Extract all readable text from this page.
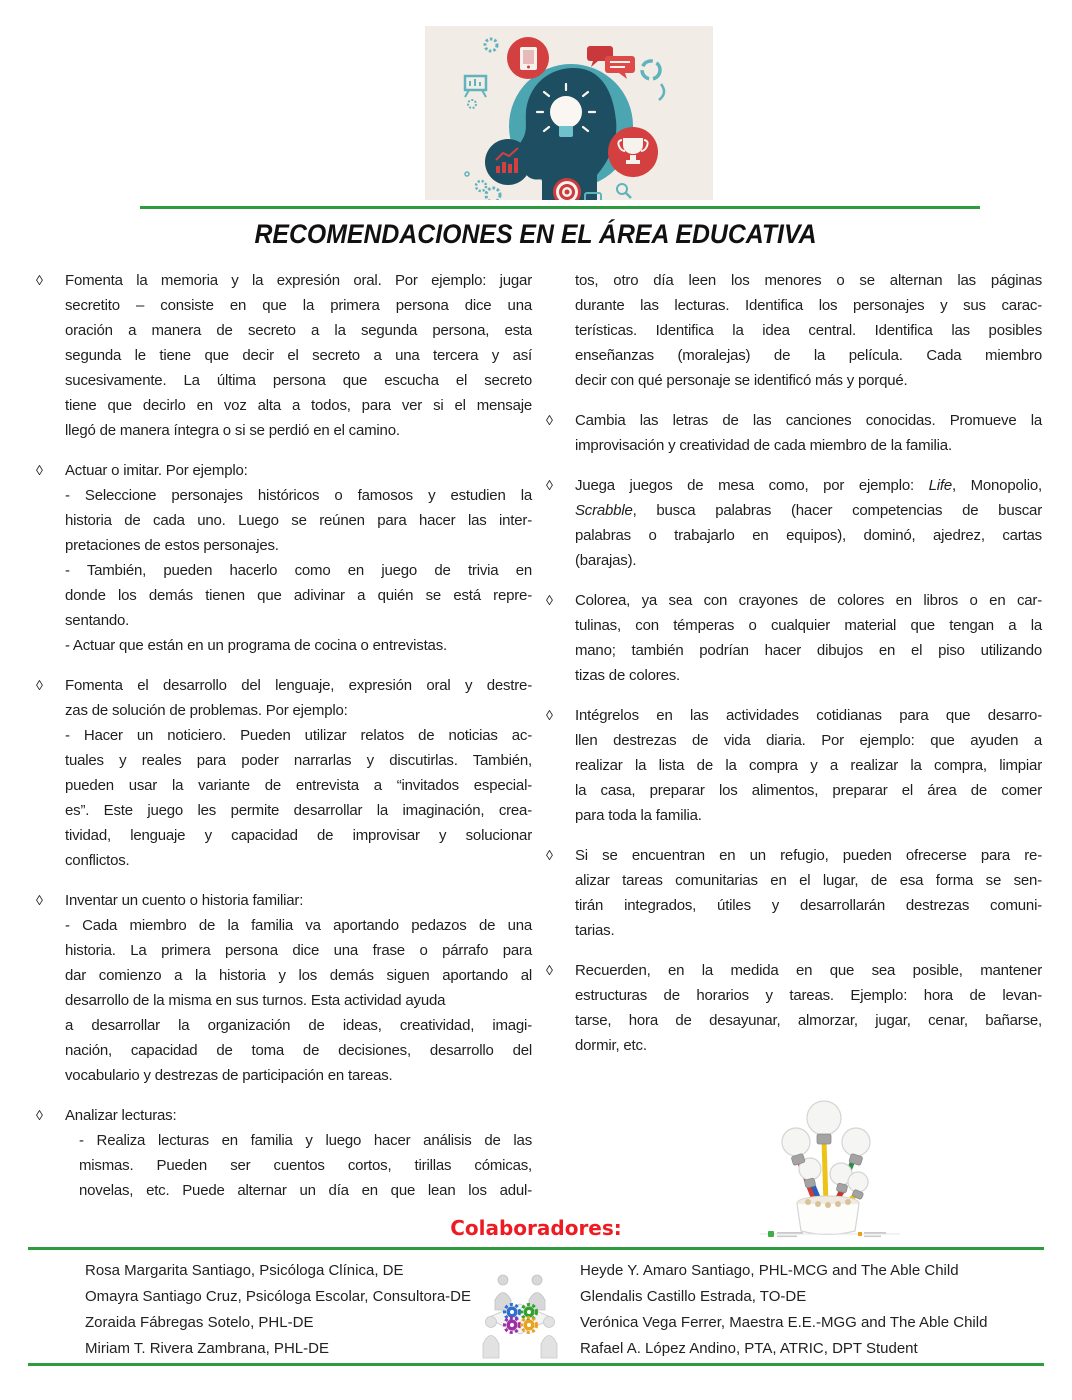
RECOMENDACIONES EN EL ÁREA EDUCATIVA
◊	Fomenta la memoria y la expresión oral. Por ejemplo: jugar
secretito – consiste en que la primera persona dice una
oración a manera de secreto a la segunda persona, esta
segunda le tiene que decir el secreto a una tercera y así
sucesivamente. La última persona que escucha el secreto
tiene que decirlo en voz alta a todos, para ver si el mensaje
llegó de manera íntegra o si se perdió en el camino.
◊	Actuar o imitar. Por ejemplo:
- Seleccione personajes históricos o famosos y estudien la
historia de cada uno. Luego se reúnen para hacer las inter-
pretaciones de estos personajes.
- También, pueden hacerlo como en juego de trivia en
donde los demás tienen que adivinar a quién se está repre-
sentando.
- Actuar que están en un programa de cocina o entrevistas.
◊	Fomenta el desarrollo del lenguaje, expresión oral y destre-
zas de solución de problemas. Por ejemplo:
- Hacer un noticiero. Pueden utilizar relatos de noticias ac-
tuales y reales para poder narrarlas y discutirlas. También,
pueden usar la variante de entrevista a “invitados especial-
es”. Este juego les permite desarrollar la imaginación, crea-
tividad, lenguaje y capacidad de improvisar y solucionar
conflictos.
◊	Inventar un cuento o historia familiar:
- Cada miembro de la familia va aportando pedazos de una
historia. La primera persona dice una frase o párrafo para
dar comienzo a la historia y los demás siguen aportando al
desarrollo de la misma en sus turnos. Esta actividad ayuda
a desarrollar la organización de ideas, creatividad, imagi-
nación, capacidad de toma de decisiones, desarrollo del
vocabulario y destrezas de participación en tareas.
◊	Analizar lecturas:
- Realiza lecturas en familia y luego hacer análisis de las
mismas. Pueden ser cuentos cortos, tirillas cómicas,
novelas, etc. Puede alternar un día en que lean los adul-
tos, otro día leen los menores o se alternan las páginas
durante las lecturas. Identifica los personajes y sus carac-
terísticas. Identifica la idea central. Identifica las posibles
enseñanzas (moralejas) de la película. Cada miembro
decir con qué personaje se identificó más y porqué.
◊	Cambia las letras de las canciones conocidas. Promueve la
improvisación y creatividad de cada miembro de la familia.
◊	Juega juegos de mesa como, por ejemplo: Life, Monopolio,
Scrabble, busca palabras (hacer competencias de buscar
palabras o trabajarlo en equipos), dominó, ajedrez, cartas
(barajas).
◊	Colorea, ya sea con crayones de colores en libros o en car-
tulinas, con témperas o cualquier material que tengan a la
mano; también podrían hacer dibujos en el piso utilizando
tizas de colores.
◊	Intégrelos en las actividades cotidianas para que desarro-
llen destrezas de vida diaria. Por ejemplo: que ayuden a
realizar la lista de la compra y a realizar la compra, limpiar
la casa, preparar los alimentos, preparar el área de comer
para toda la familia.
◊	Si se encuentran en un refugio, pueden ofrecerse para re-
alizar tareas comunitarias en el lugar, de esa forma se sen-
tirán integrados, útiles y desarrollarán destrezas comuni-
tarias.
◊	Recuerden, en la medida en que sea posible, mantener
estructuras de horarios y tareas. Ejemplo: hora de levan-
tarse, hora de desayunar, almorzar, jugar, cenar, bañarse,
dormir, etc.
Colaboradores:
Rosa Margarita Santiago, Psicóloga Clínica, DE
Omayra Santiago Cruz, Psicóloga Escolar, Consultora-DE
Zoraida Fábregas Sotelo, PHL-DE
Miriam T. Rivera Zambrana, PHL-DE
Heyde Y. Amaro Santiago, PHL-MCG and The Able Child
Glendalis Castillo Estrada, TO-DE
Verónica Vega Ferrer, Maestra E.E.-MGG and The Able Child
Rafael A. López Andino, PTA, ATRIC, DPT Student
